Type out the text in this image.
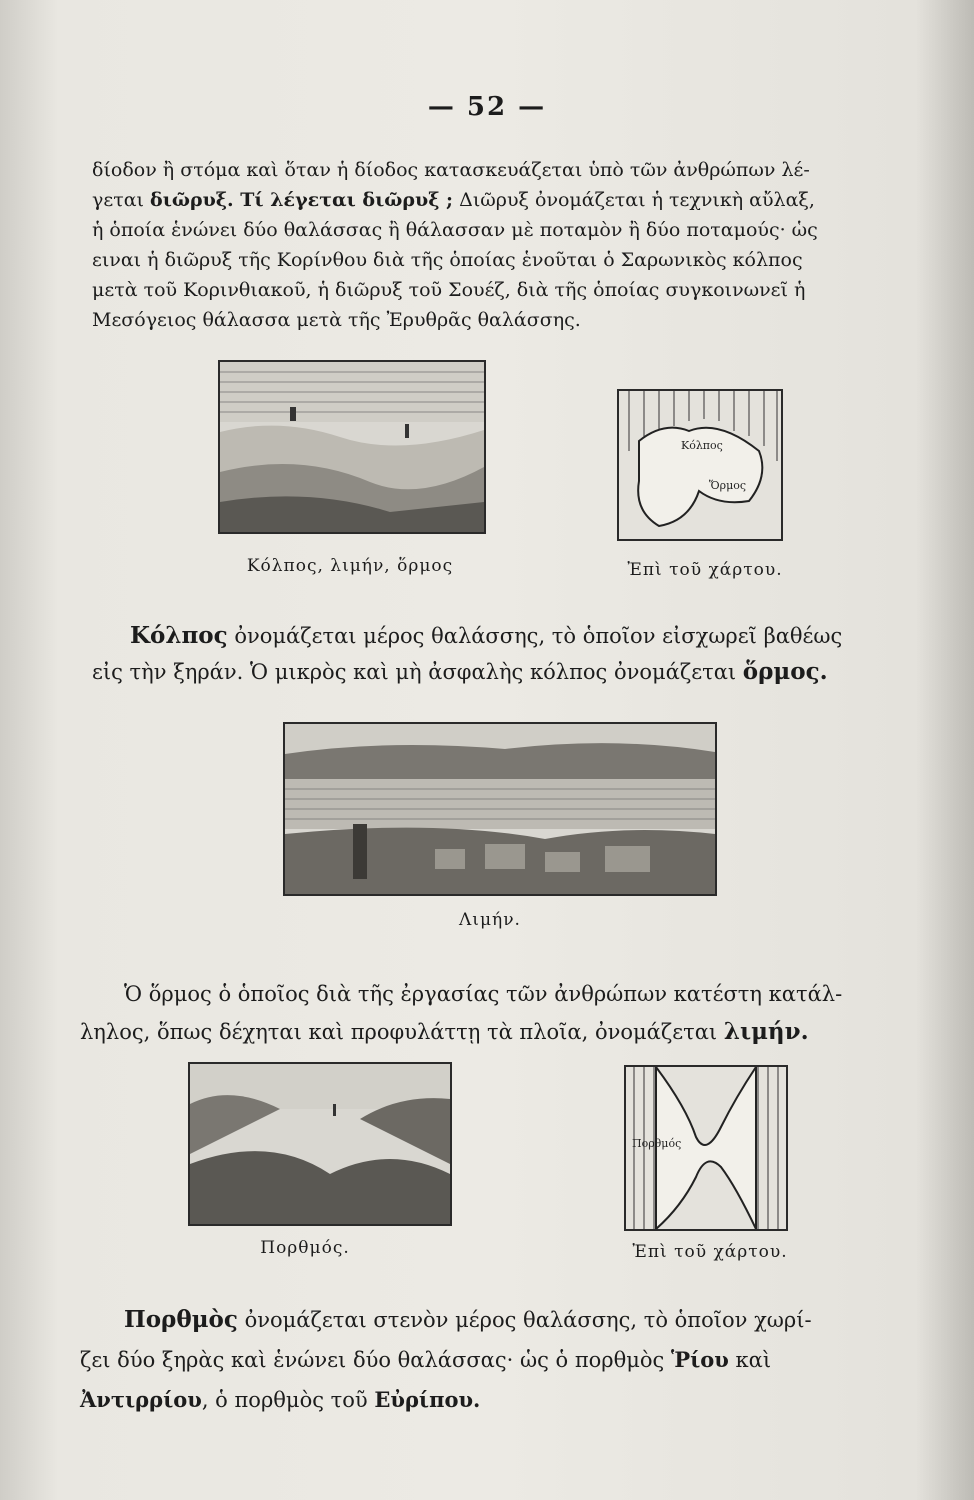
— 52 —
δίοδον ἢ στόμα καὶ ὅταν ἡ δίοδος κατασκευάζεται ὑπὸ τῶν ἀνθρώπων λέ-
γεται διῶρυξ. Τί λέγεται διῶρυξ ; Διῶρυξ ὀνομάζεται ἡ τεχνικὴ αὔλαξ,
ἡ ὁποία ἑνώνει δύο θαλάσσας ἢ θάλασσαν μὲ ποταμὸν ἢ δύο ποταμούς· ὡς
ειναι ἡ διῶρυξ τῆς Κορίνθου διὰ τῆς ὁποίας ἑνοῦται ὁ Σαρωνικὸς κόλπος
μετὰ τοῦ Κορινθιακοῦ, ἡ διῶρυξ τοῦ Σουέζ, διὰ τῆς ὁποίας συγκοινωνεῖ ἡ
Μεσόγειος θάλασσα μετὰ τῆς Ἐρυθρᾶς θαλάσσης.
Κόλπος, λιμήν, ὅρμος
Κόλπος
Ὅρμος
Ἐπὶ τοῦ χάρτου.
Κόλπος ὀνομάζεται μέρος θαλάσσης, τὸ ὁποῖον εἰσχωρεῖ βαθέως
εἰς τὴν ξηράν. Ὁ μικρὸς καὶ μὴ ἀσφαλὴς κόλπος ὀνομάζεται ὅρμος.
Λιμήν.
Ὁ ὅρμος ὁ ὁποῖος διὰ τῆς ἐργασίας τῶν ἀνθρώπων κατέστη κατάλ-
ληλος, ὅπως δέχηται καὶ προφυλάττῃ τὰ πλοῖα, ὀνομάζεται λιμήν.
Πορθμός.
Πορθμός
Ἐπὶ τοῦ χάρτου.
Πορθμὸς ὀνομάζεται στενὸν μέρος θαλάσσης, τὸ ὁποῖον χωρί-
ζει δύο ξηρὰς καὶ ἑνώνει δύο θαλάσσας· ὡς ὁ πορθμὸς Ῥίου καὶ
Ἀντιρρίου, ὁ πορθμὸς τοῦ Εὐρίπου.
